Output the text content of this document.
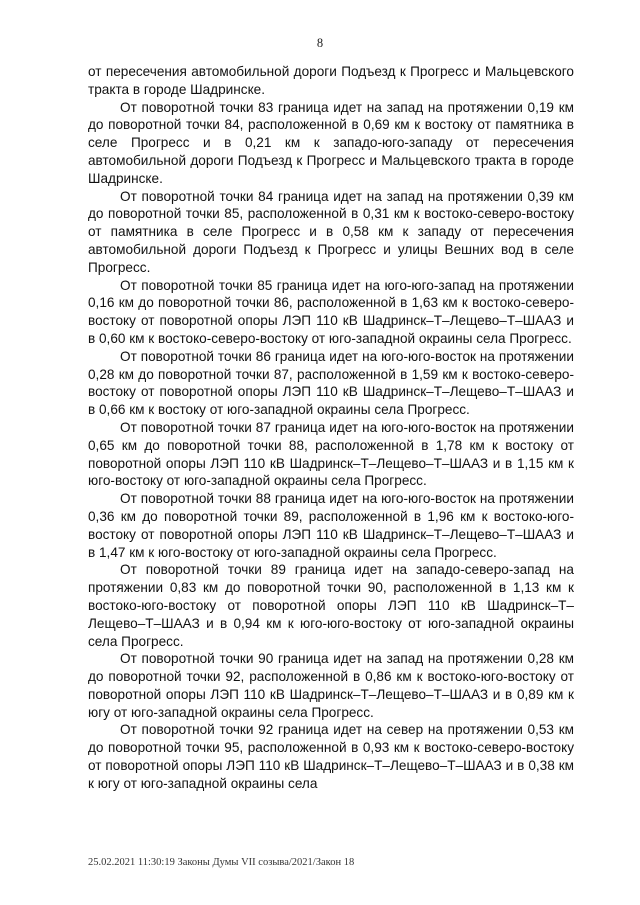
8

от пересечения автомобильной дороги Подъезд к Прогресс и Мальцевского тракта в городе Шадринске.

От поворотной точки 83 граница идет на запад на протяжении 0,19 км до поворотной точки 84, расположенной в 0,69 км к востоку от памятника в селе Прогресс и в 0,21 км к западо-юго-западу от пересечения автомобильной дороги Подъезд к Прогресс и Мальцевского тракта в городе Шадринске.

От поворотной точки 84 граница идет на запад на протяжении 0,39 км до поворотной точки 85, расположенной в 0,31 км к востоко-северо-востоку от памятника в селе Прогресс и в 0,58 км к западу от пересечения автомобильной дороги Подъезд к Прогресс и улицы Вешних вод в селе Прогресс.

От поворотной точки 85 граница идет на юго-юго-запад на протяжении 0,16 км до поворотной точки 86, расположенной в 1,63 км к востоко-северо-востоку от поворотной опоры ЛЭП 110 кВ Шадринск–Т–Лещево–Т–ШААЗ и в 0,60 км к востоко-северо-востоку от юго-западной окраины села Прогресс.

От поворотной точки 86 граница идет на юго-юго-восток на протяжении 0,28 км до поворотной точки 87, расположенной в 1,59 км к востоко-северо-востоку от поворотной опоры ЛЭП 110 кВ Шадринск–Т–Лещево–Т–ШААЗ и в 0,66 км к востоку от юго-западной окраины села Прогресс.

От поворотной точки 87 граница идет на юго-юго-восток на протяжении 0,65 км до поворотной точки 88, расположенной в 1,78 км к востоку от поворотной опоры ЛЭП 110 кВ Шадринск–Т–Лещево–Т–ШААЗ и в 1,15 км к юго-востоку от юго-западной окраины села Прогресс.

От поворотной точки 88 граница идет на юго-юго-восток на протяжении 0,36 км до поворотной точки 89, расположенной в 1,96 км к востоко-юго-востоку от поворотной опоры ЛЭП 110 кВ Шадринск–Т–Лещево–Т–ШААЗ и в 1,47 км к юго-востоку от юго-западной окраины села Прогресс.

От поворотной точки 89 граница идет на западо-северо-запад на протяжении 0,83 км до поворотной точки 90, расположенной в 1,13 км к востоко-юго-востоку от поворотной опоры ЛЭП 110 кВ Шадринск–Т–Лещево–Т–ШААЗ и в 0,94 км к юго-юго-востоку от юго-западной окраины села Прогресс.

От поворотной точки 90 граница идет на запад на протяжении 0,28 км до поворотной точки 92, расположенной в 0,86 км к востоко-юго-востоку от поворотной опоры ЛЭП 110 кВ Шадринск–Т–Лещево–Т–ШААЗ и в 0,89 км к югу от юго-западной окраины села Прогресс.

От поворотной точки 92 граница идет на север на протяжении 0,53 км до поворотной точки 95, расположенной в 0,93 км к востоко-северо-востоку от поворотной опоры ЛЭП 110 кВ Шадринск–Т–Лещево–Т–ШААЗ и в 0,38 км к югу от юго-западной окраины села

25.02.2021 11:30:19 Законы Думы VII созыва/2021/Закон 18
